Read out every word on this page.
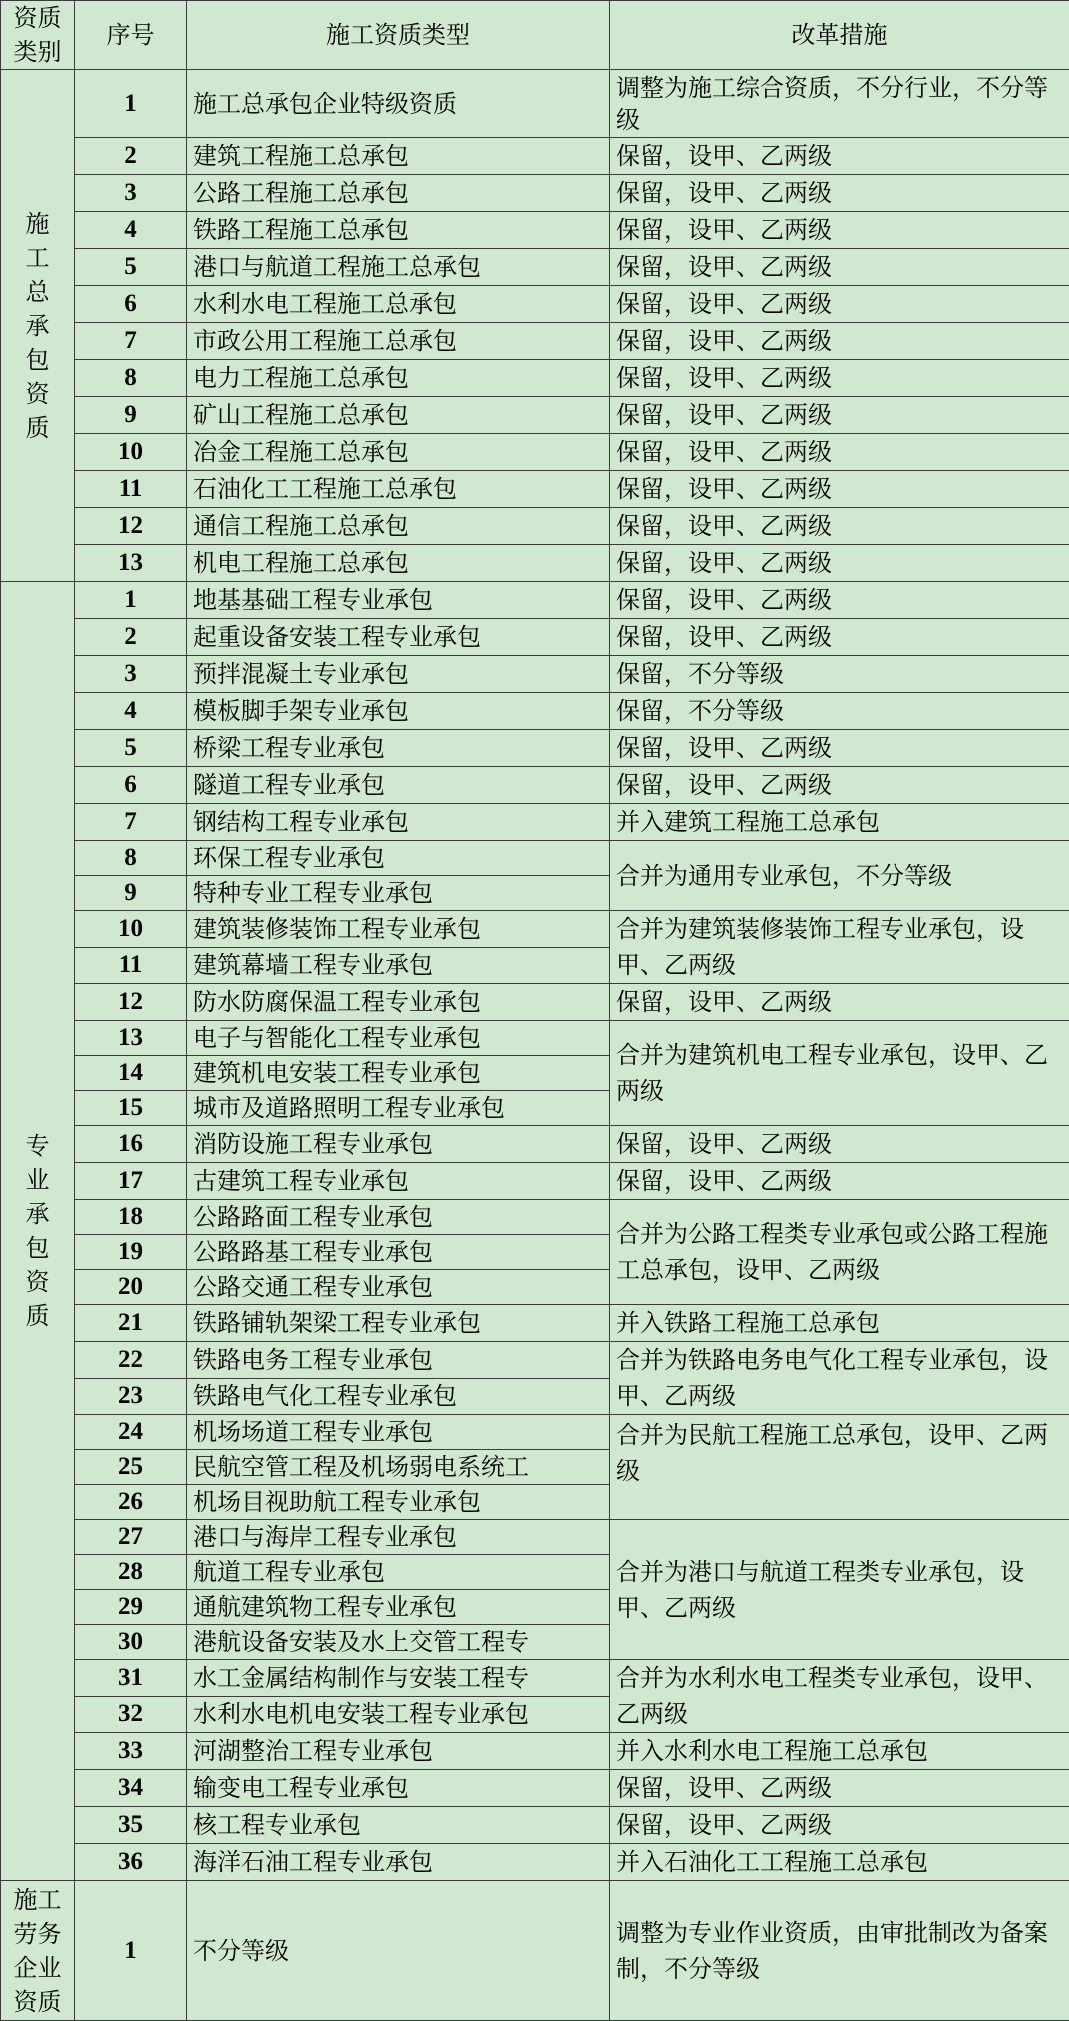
资质类别	序号	施工资质类型	改革措施

施工总承包资质	1	施工总承包企业特级资质	调整为施工综合资质，不分行业，不分等级
	2	建筑工程施工总承包	保留，设甲、乙两级
	3	公路工程施工总承包	保留，设甲、乙两级
	4	铁路工程施工总承包	保留，设甲、乙两级
	5	港口与航道工程施工总承包	保留，设甲、乙两级
	6	水利水电工程施工总承包	保留，设甲、乙两级
	7	市政公用工程施工总承包	保留，设甲、乙两级
	8	电力工程施工总承包	保留，设甲、乙两级
	9	矿山工程施工总承包	保留，设甲、乙两级
	10	冶金工程施工总承包	保留，设甲、乙两级
	11	石油化工工程施工总承包	保留，设甲、乙两级
	12	通信工程施工总承包	保留，设甲、乙两级
	13	机电工程施工总承包	保留，设甲、乙两级

专业承包资质	1	地基基础工程专业承包	保留，设甲、乙两级
	2	起重设备安装工程专业承包	保留，设甲、乙两级
	3	预拌混凝土专业承包	保留，不分等级
	4	模板脚手架专业承包	保留，不分等级
	5	桥梁工程专业承包	保留，设甲、乙两级
	6	隧道工程专业承包	保留，设甲、乙两级
	7	钢结构工程专业承包	并入建筑工程施工总承包
	8	环保工程专业承包	合并为通用专业承包，不分等级
	9	特种专业工程专业承包	
	10	建筑装修装饰工程专业承包	合并为建筑装修装饰工程专业承包，设甲、乙两级
	11	建筑幕墙工程专业承包	
	12	防水防腐保温工程专业承包	保留，设甲、乙两级
	13	电子与智能化工程专业承包	合并为建筑机电工程专业承包，设甲、乙两级
	14	建筑机电安装工程专业承包	
	15	城市及道路照明工程专业承包	
	16	消防设施工程专业承包	保留，设甲、乙两级
	17	古建筑工程专业承包	保留，设甲、乙两级
	18	公路路面工程专业承包	合并为公路工程类专业承包或公路工程施工总承包，设甲、乙两级
	19	公路路基工程专业承包	
	20	公路交通工程专业承包	
	21	铁路铺轨架梁工程专业承包	并入铁路工程施工总承包
	22	铁路电务工程专业承包	合并为铁路电务电气化工程专业承包，设甲、乙两级
	23	铁路电气化工程专业承包	
	24	机场场道工程专业承包	合并为民航工程施工总承包，设甲、乙两级
	25	民航空管工程及机场弱电系统工	
	26	机场目视助航工程专业承包	
	27	港口与海岸工程专业承包	合并为港口与航道工程类专业承包，设甲、乙两级
	28	航道工程专业承包	
	29	通航建筑物工程专业承包	
	30	港航设备安装及水上交管工程专	
	31	水工金属结构制作与安装工程专	合并为水利水电工程类专业承包，设甲、乙两级
	32	水利水电机电安装工程专业承包	
	33	河湖整治工程专业承包	并入水利水电工程施工总承包
	34	输变电工程专业承包	保留，设甲、乙两级
	35	核工程专业承包	保留，设甲、乙两级
	36	海洋石油工程专业承包	并入石油化工工程施工总承包

施工劳务企业资质	1	不分等级	调整为专业作业资质，由审批制改为备案制，不分等级
